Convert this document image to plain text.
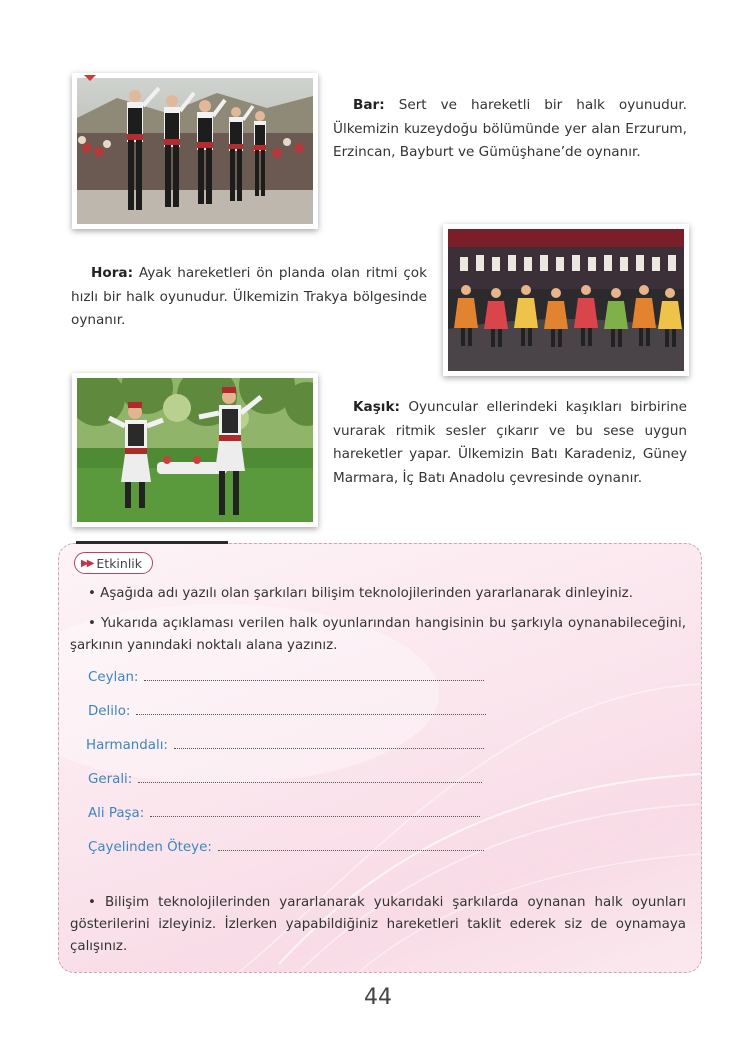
Bar: Sert ve hareketli bir halk oyunudur. Ülkemizin kuzeydoğu bölümünde yer alan Erzurum, Erzincan, Bayburt ve Gümüşhane’de oynanır.
Hora: Ayak hareketleri ön planda olan ritmi çok hızlı bir halk oyunudur. Ülkemizin Trakya bölgesinde oynanır.
Kaşık: Oyuncular ellerindeki kaşıkları birbirine vurarak ritmik sesler çıkarır ve bu sese uygun hareketler yapar. Ülkemizin Batı Karadeniz, Güney Marmara, İç Batı Anadolu çevresinde oynanır.
▶▶ Etkinlik
• Aşağıda adı yazılı olan şarkıları bilişim teknolojilerinden yararlanarak dinleyiniz.
• Yukarıda açıklaması verilen halk oyunlarından hangisinin bu şarkıyla oynanabileceğini, şarkının yanındaki noktalı alana yazınız.
Ceylan:
Delilo:
Harmandalı:
Gerali:
Ali Paşa:
Çayelinden Öteye:
• Bilişim teknolojilerinden yararlanarak yukarıdaki şarkılarda oynanan halk oyunları gösterilerini izleyiniz. İzlerken yapabildiğiniz hareketleri taklit ederek siz de oynamaya çalışınız.
44
